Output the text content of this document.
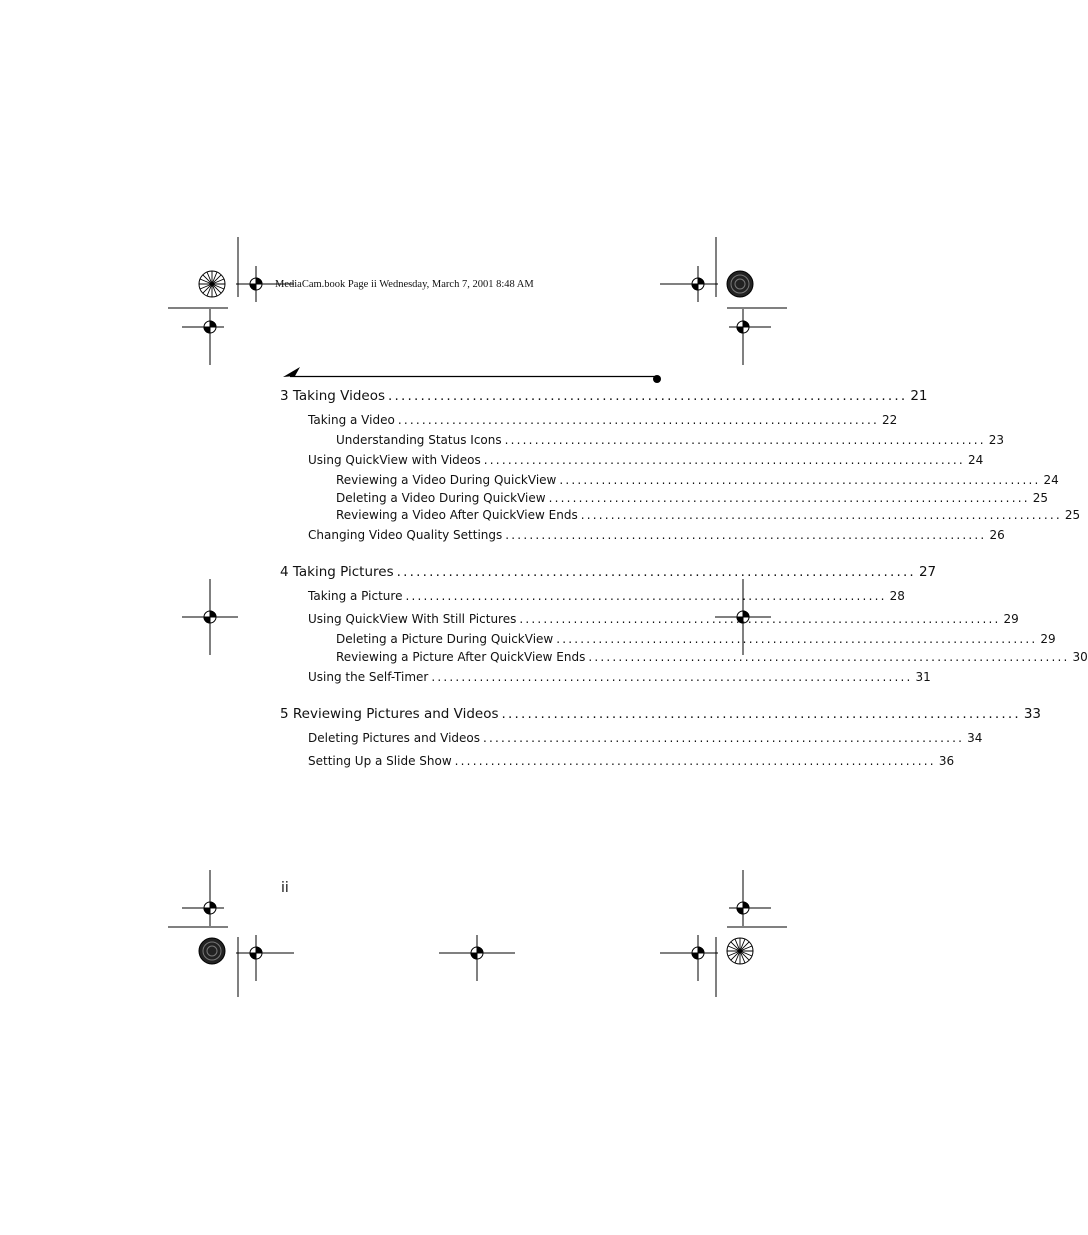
MediaCam.book Page ii Wednesday, March 7, 2001 8:48 AM
3 Taking Videos ................................................................................ 21
Taking a Video ................................................................................ 22
Understanding Status Icons ................................................................................ 23
Using QuickView with Videos ................................................................................ 24
Reviewing a Video During QuickView ................................................................................ 24
Deleting a Video During QuickView ................................................................................ 25
Reviewing a Video After QuickView Ends ................................................................................ 25
Changing Video Quality Settings ................................................................................ 26
4 Taking Pictures ................................................................................ 27
Taking a Picture ................................................................................ 28
Using QuickView With Still Pictures ................................................................................ 29
Deleting a Picture During QuickView ................................................................................ 29
Reviewing a Picture After QuickView Ends ................................................................................ 30
Using the Self-Timer ................................................................................ 31
5 Reviewing Pictures and Videos ................................................................................ 33
Deleting Pictures and Videos ................................................................................ 34
Setting Up a Slide Show ................................................................................ 36
ii
